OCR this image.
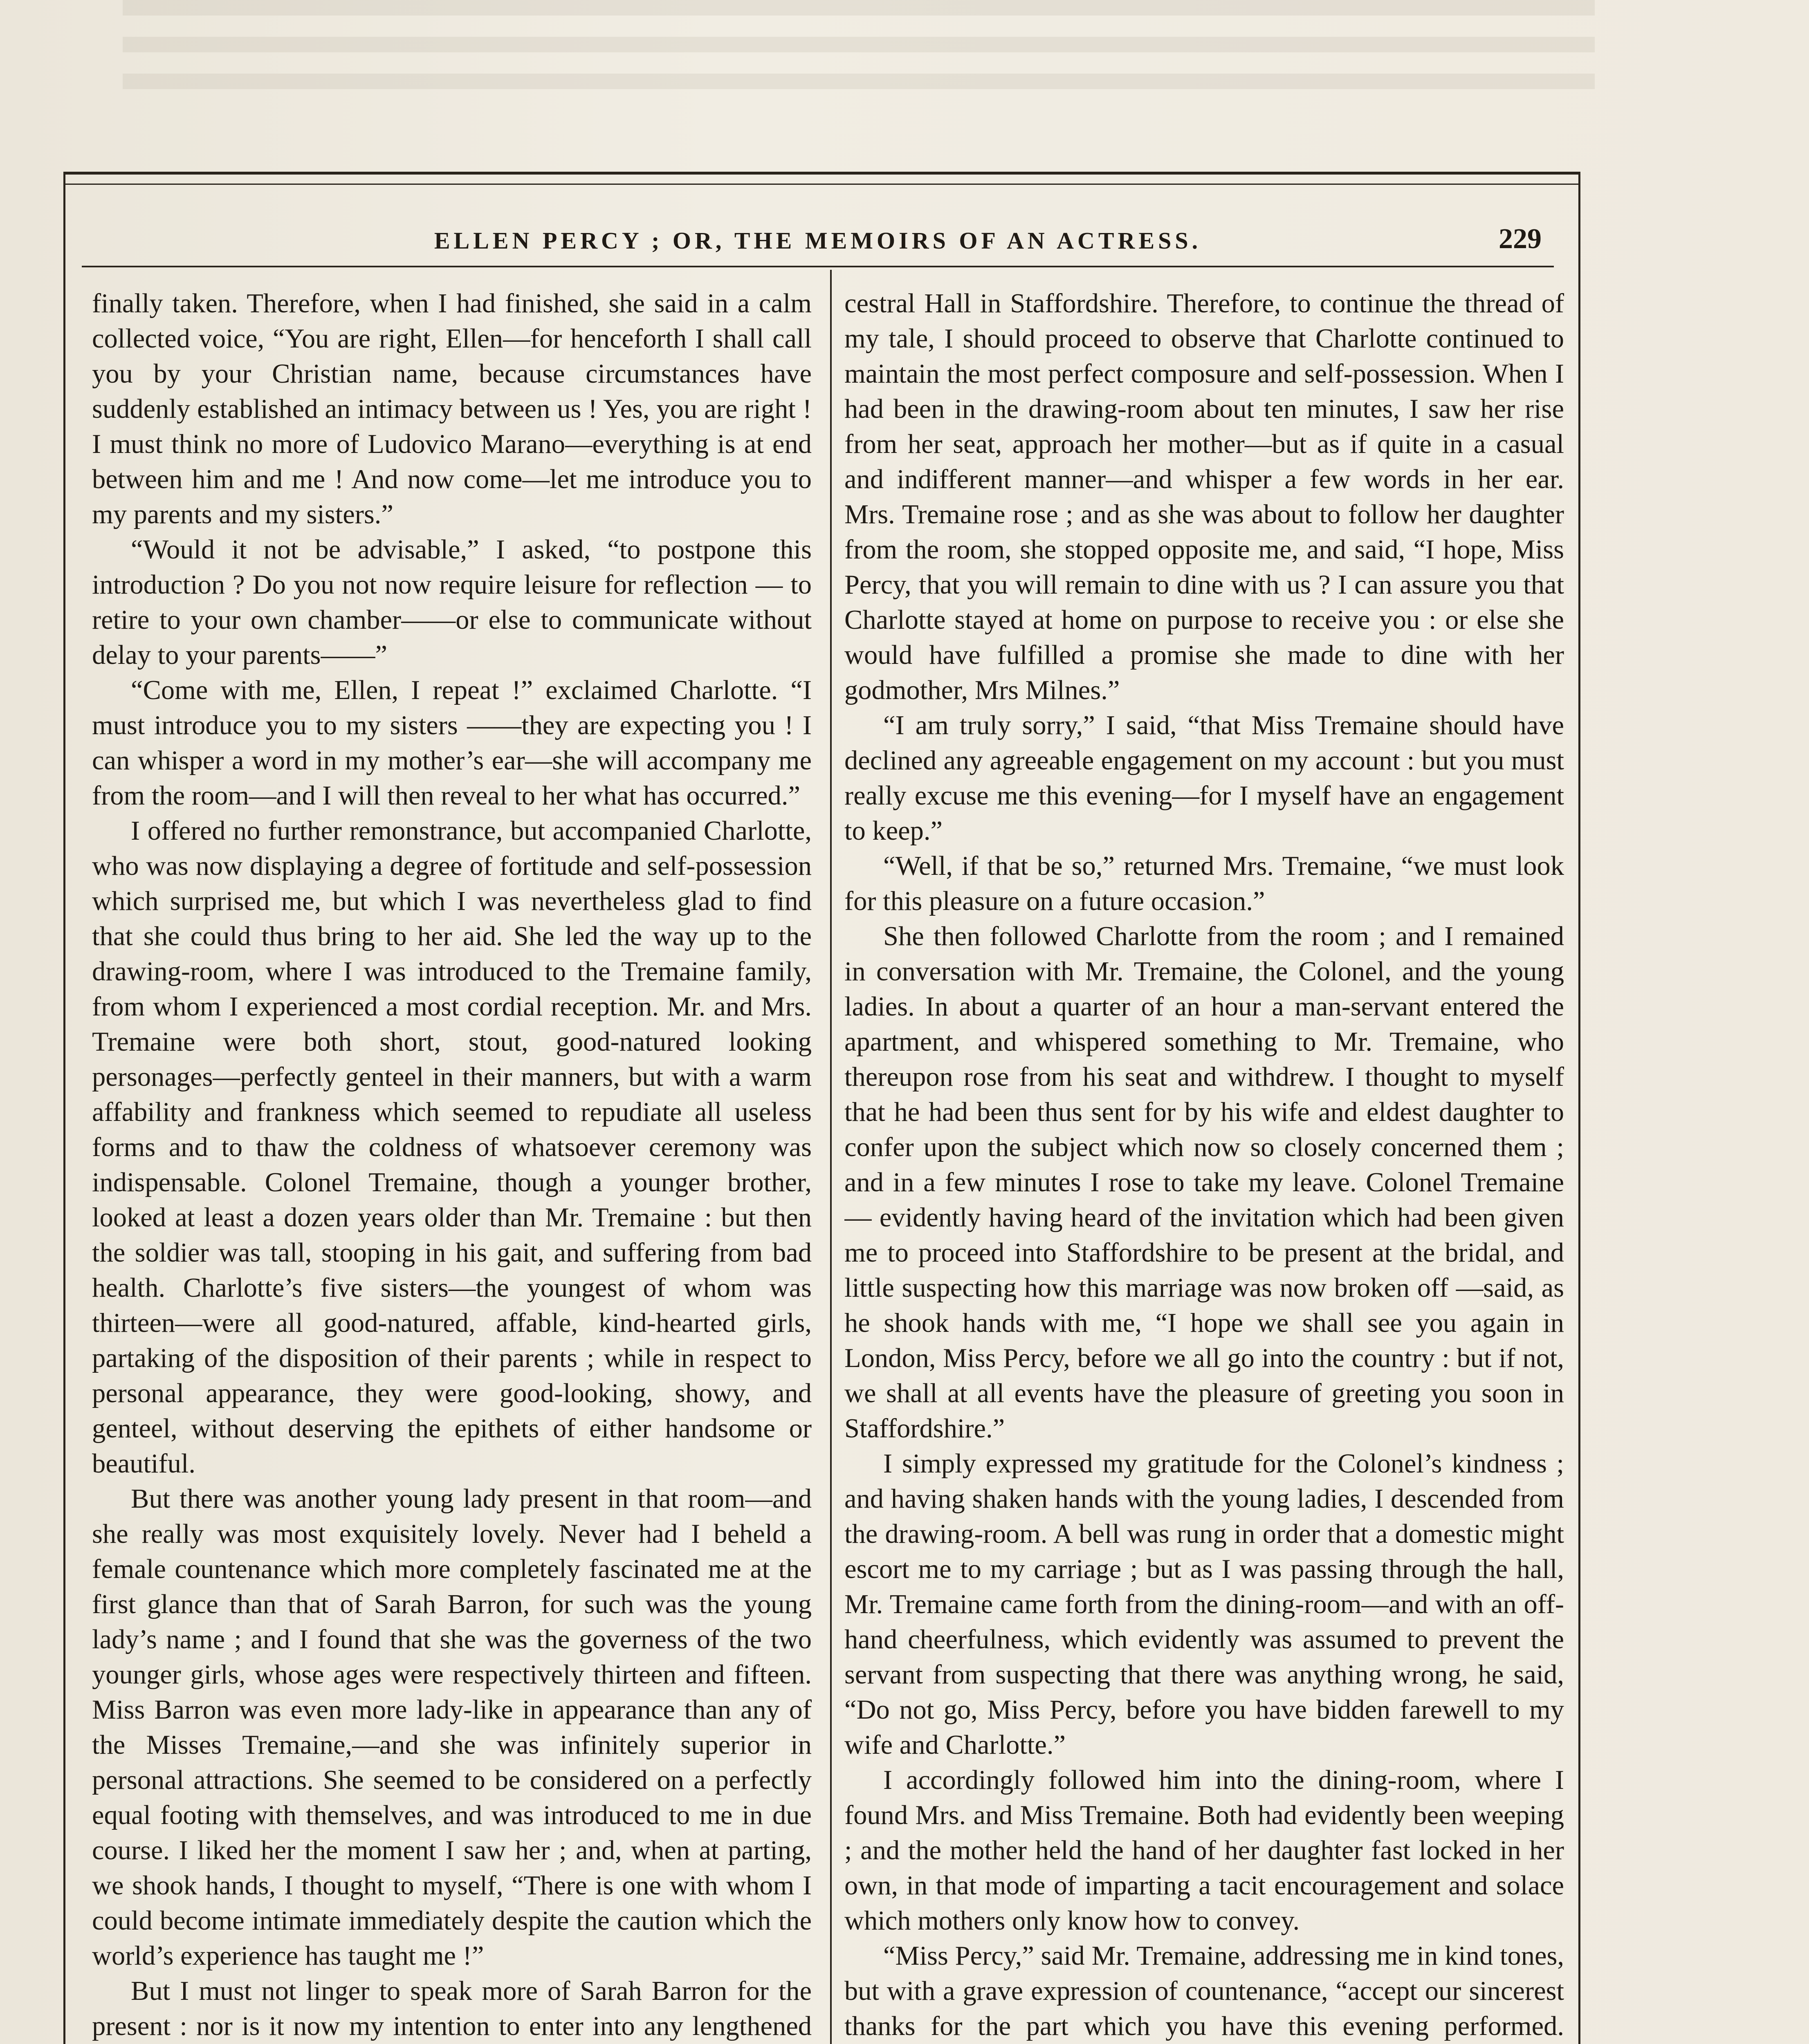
ELLEN PERCY ; OR, THE MEMOIRS OF AN ACTRESS.	229

finally taken. Therefore, when I had finished, she said in a calm collected voice, “You are right, Ellen—for henceforth I shall call you by your Christian name, because circumstances have suddenly established an intimacy between us ! Yes, you are right ! I must think no more of Ludovico Marano—everything is at end between him and me ! And now come—let me introduce you to my parents and my sisters.”

“Would it not be advisable,” I asked, “to postpone this introduction ? Do you not now require leisure for reflection — to retire to your own chamber——or else to communicate without delay to your parents——”

“Come with me, Ellen, I repeat !” exclaimed Charlotte. “I must introduce you to my sisters ——they are expecting you ! I can whisper a word in my mother’s ear—she will accompany me from the room—and I will then reveal to her what has occurred.”

I offered no further remonstrance, but accompanied Charlotte, who was now displaying a degree of fortitude and self-possession which surprised me, but which I was nevertheless glad to find that she could thus bring to her aid. She led the way up to the drawing-room, where I was introduced to the Tremaine family, from whom I experienced a most cordial reception. Mr. and Mrs. Tremaine were both short, stout, good-natured looking personages—perfectly genteel in their manners, but with a warm affability and frankness which seemed to repudiate all useless forms and to thaw the coldness of whatsoever ceremony was indispensable. Colonel Tremaine, though a younger brother, looked at least a dozen years older than Mr. Tremaine : but then the soldier was tall, stooping in his gait, and suffering from bad health. Charlotte’s five sisters—the youngest of whom was thirteen—were all good-natured, affable, kind-hearted girls, partaking of the disposition of their parents ; while in respect to personal appearance, they were good-looking, showy, and genteel, without deserving the epithets of either handsome or beautiful.

But there was another young lady present in that room—and she really was most exquisitely lovely. Never had I beheld a female countenance which more completely fascinated me at the first glance than that of Sarah Barron, for such was the young lady’s name ; and I found that she was the governess of the two younger girls, whose ages were respectively thirteen and fifteen. Miss Barron was even more lady-like in appearance than any of the Misses Tremaine,—and she was infinitely superior in personal attractions. She seemed to be considered on a perfectly equal footing with themselves, and was introduced to me in due course. I liked her the moment I saw her ; and, when at parting, we shook hands, I thought to myself, “There is one with whom I could become intimate immediately despite the caution which the world’s experience has taught me !”

But I must not linger to speak more of Sarah Barron for the present : nor is it now my intention to enter into any lengthened

cestral Hall in Staffordshire. Therefore, to continue the thread of my tale, I should proceed to observe that Charlotte continued to maintain the most perfect composure and self-possession. When I had been in the drawing-room about ten minutes, I saw her rise from her seat, approach her mother—but as if quite in a casual and indifferent manner—and whisper a few words in her ear. Mrs. Tremaine rose ; and as she was about to follow her daughter from the room, she stopped opposite me, and said, “I hope, Miss Percy, that you will remain to dine with us ? I can assure you that Charlotte stayed at home on purpose to receive you : or else she would have fulfilled a promise she made to dine with her godmother, Mrs Milnes.”

“I am truly sorry,” I said, “that Miss Tremaine should have declined any agreeable engagement on my account : but you must really excuse me this evening—for I myself have an engagement to keep.”

“Well, if that be so,” returned Mrs. Tremaine, “we must look for this pleasure on a future occasion.”

She then followed Charlotte from the room ; and I remained in conversation with Mr. Tremaine, the Colonel, and the young ladies. In about a quarter of an hour a man-servant entered the apartment, and whispered something to Mr. Tremaine, who thereupon rose from his seat and withdrew. I thought to myself that he had been thus sent for by his wife and eldest daughter to confer upon the subject which now so closely concerned them ; and in a few minutes I rose to take my leave. Colonel Tremaine — evidently having heard of the invitation which had been given me to proceed into Staffordshire to be present at the bridal, and little suspecting how this marriage was now broken off —said, as he shook hands with me, “I hope we shall see you again in London, Miss Percy, before we all go into the country : but if not, we shall at all events have the pleasure of greeting you soon in Staffordshire.”

I simply expressed my gratitude for the Colonel’s kindness ; and having shaken hands with the young ladies, I descended from the drawing-room. A bell was rung in order that a domestic might escort me to my carriage ; but as I was passing through the hall, Mr. Tremaine came forth from the dining-room—and with an off-hand cheerfulness, which evidently was assumed to prevent the servant from suspecting that there was anything wrong, he said, “Do not go, Miss Percy, before you have bidden farewell to my wife and Charlotte.”

I accordingly followed him into the dining-room, where I found Mrs. and Miss Tremaine. Both had evidently been weeping ; and the mother held the hand of her daughter fast locked in her own, in that mode of imparting a tacit encouragement and solace which mothers only know how to convey.

“Miss Percy,” said Mr. Tremaine, addressing me in kind tones, but with a grave expression of countenance, “accept our sincerest thanks for the part which you have this evening performed.
